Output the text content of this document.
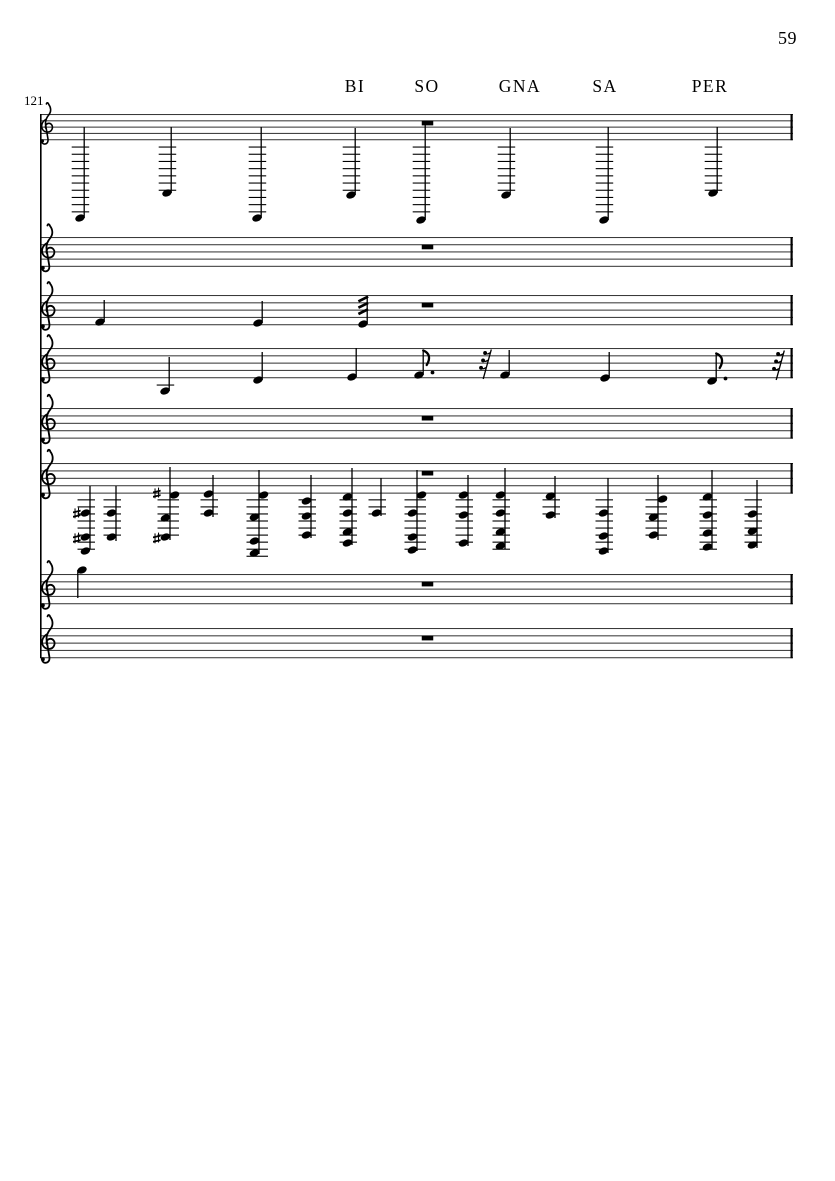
59
121
BI	SO	GNA	SA	PER
